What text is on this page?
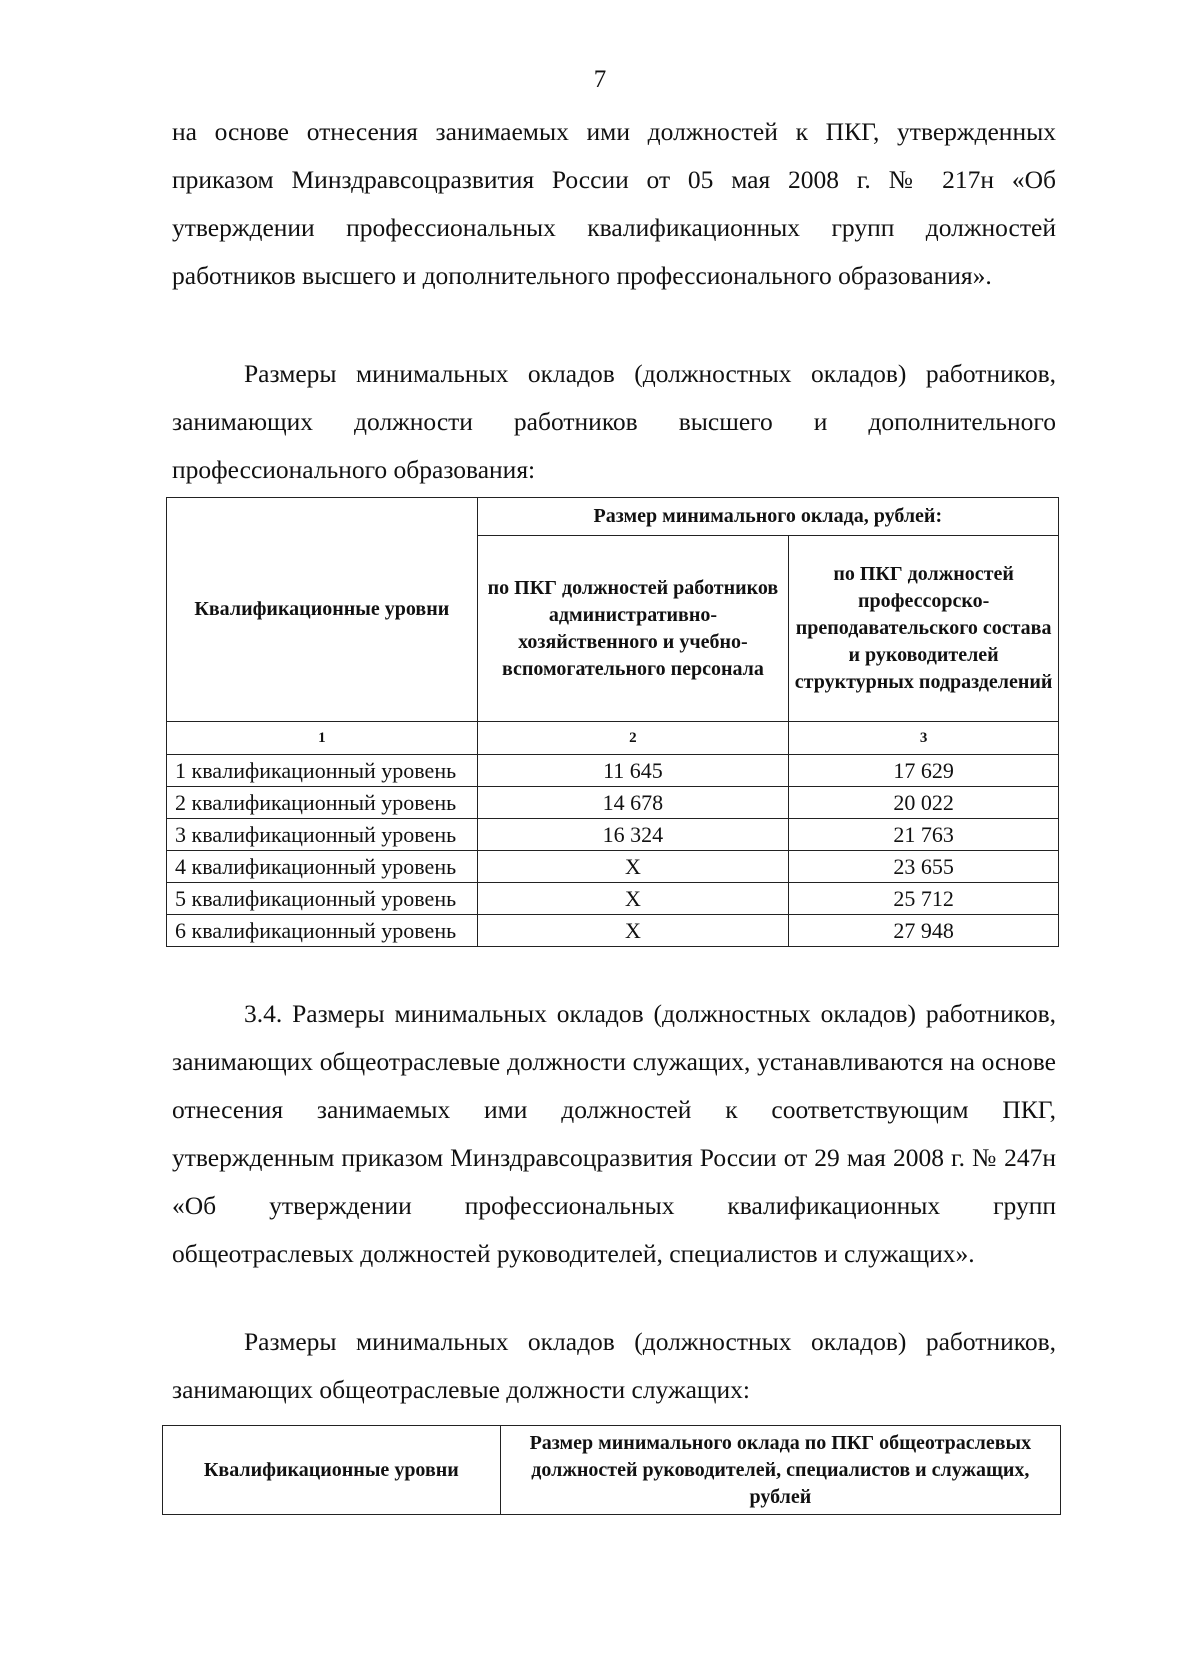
7

на основе отнесения занимаемых ими должностей к ПКГ, утвержденных приказом Минздравсоцразвития России от 05 мая 2008 г. № 217н «Об утверждении профессиональных квалификационных групп должностей работников высшего и дополнительного профессионального образования».

Размеры минимальных окладов (должностных окладов) работников, занимающих должности работников высшего и дополнительного профессионального образования:

Квалификационные уровни	Размер минимального оклада, рублей:	
	по ПКГ должностей работников административно-хозяйственного и учебно-вспомогательного персонала	по ПКГ должностей профессорско-преподавательского состава и руководителей структурных подразделений
1	2	3
1 квалификационный уровень	11 645	17 629
2 квалификационный уровень	14 678	20 022
3 квалификационный уровень	16 324	21 763
4 квалификационный уровень	Х	23 655
5 квалификационный уровень	Х	25 712
6 квалификационный уровень	Х	27 948

3.4. Размеры минимальных окладов (должностных окладов) работников, занимающих общеотраслевые должности служащих, устанавливаются на основе отнесения занимаемых ими должностей к соответствующим ПКГ, утвержденным приказом Минздравсоцразвития России от 29 мая 2008 г. № 247н «Об утверждении профессиональных квалификационных групп общеотраслевых должностей руководителей, специалистов и служащих».

Размеры минимальных окладов (должностных окладов) работников, занимающих общеотраслевые должности служащих:

Квалификационные уровни	Размер минимального оклада по ПКГ общеотраслевых должностей руководителей, специалистов и служащих, рублей
